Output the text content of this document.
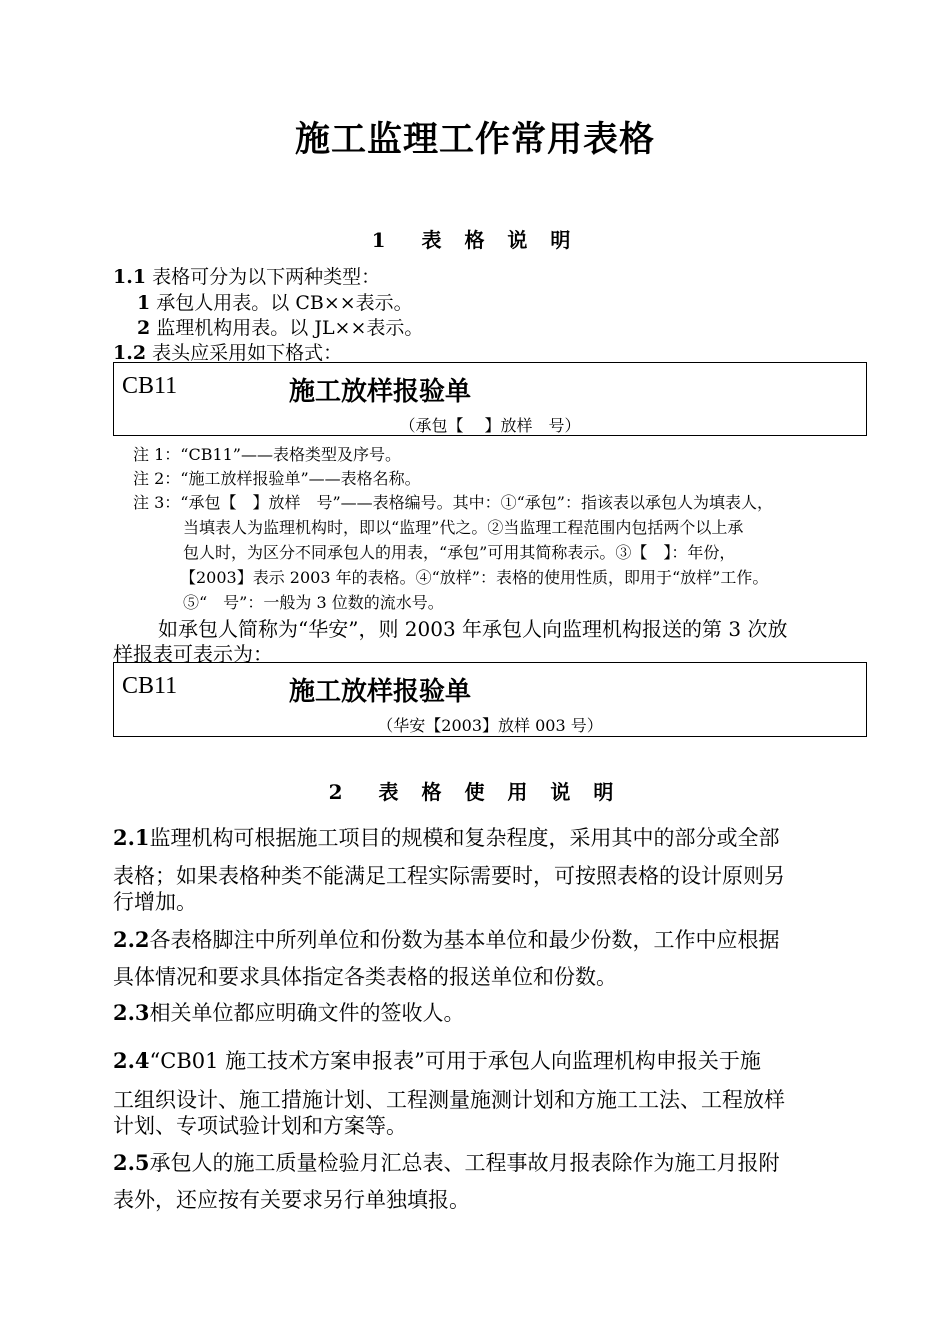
施工监理工作常用表格
1　表 格 说 明
1.1 表格可分为以下两种类型：
1 承包人用表。以 CB××表示。
2 监理机构用表。以 JL××表示。
1.2 表头应采用如下格式：
CB11	施工放样报验单
（承包【　 】放样　号）
注 1：“CB11”——表格类型及序号。
注 2：“施工放样报验单”——表格名称。
注 3：“承包【　】放样　号”——表格编号。其中：①“承包”：指该表以承包人为填表人，
当填表人为监理机构时，即以“监理”代之。②当监理工程范围内包括两个以上承
包人时，为区分不同承包人的用表，“承包”可用其简称表示。③【　】：年份，
【2003】表示 2003 年的表格。④“放样”：表格的使用性质，即用于“放样”工作。
⑤“　号”：一般为 3 位数的流水号。
如承包人简称为“华安”，则 2003 年承包人向监理机构报送的第 3 次放
样报表可表示为：
CB11	施工放样报验单
（华安【2003】放样 003 号）
2　表 格 使 用 说 明
2.1监理机构可根据施工项目的规模和复杂程度，采用其中的部分或全部
表格；如果表格种类不能满足工程实际需要时，可按照表格的设计原则另
行增加。
2.2各表格脚注中所列单位和份数为基本单位和最少份数，工作中应根据
具体情况和要求具体指定各类表格的报送单位和份数。
2.3相关单位都应明确文件的签收人。
2.4“CB01 施工技术方案申报表”可用于承包人向监理机构申报关于施
工组织设计、施工措施计划、工程测量施测计划和方施工工法、工程放样
计划、专项试验计划和方案等。
2.5承包人的施工质量检验月汇总表、工程事故月报表除作为施工月报附
表外，还应按有关要求另行单独填报。
